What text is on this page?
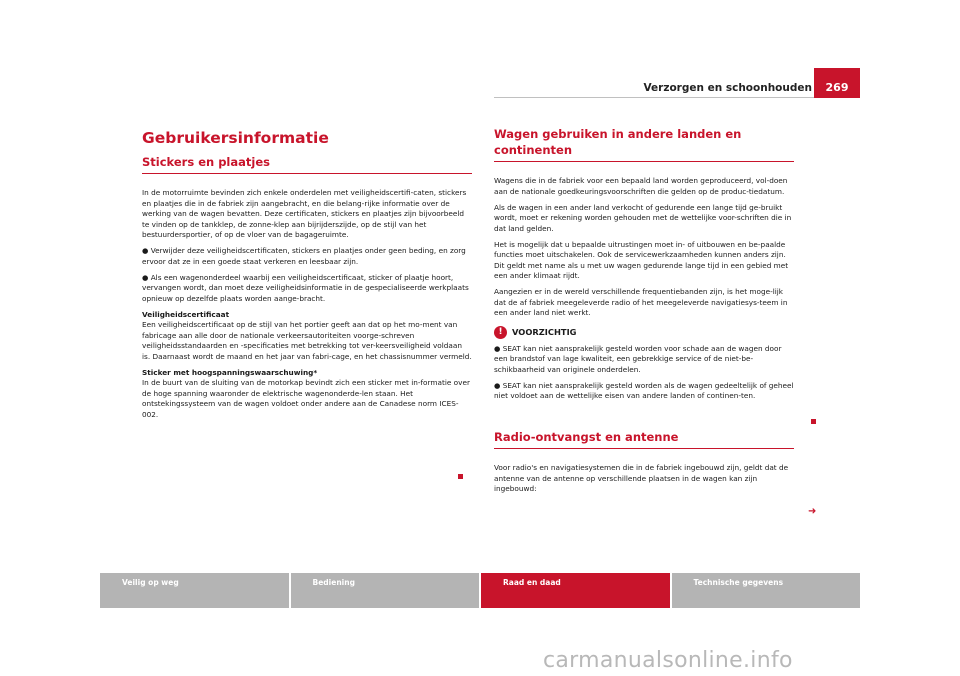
Verzorgen en schoonhouden 269
Gebruikersinformatie
Stickers en plaatjes

In de motorruimte bevinden zich enkele onderdelen met veiligheidscertifi-caten, stickers en plaatjes die in de fabriek zijn aangebracht, en die belang-rijke informatie over de werking van de wagen bevatten. Deze certificaten, stickers en plaatjes zijn bijvoorbeeld te vinden op de tankklep, de zonne-klep aan bijrijderszijde, op de stijl van het bestuurdersportier, of op de vloer van de bagageruimte.

● Verwijder deze veiligheidscertificaten, stickers en plaatjes onder geen beding, en zorg ervoor dat ze in een goede staat verkeren en leesbaar zijn.

● Als een wagenonderdeel waarbij een veiligheidscertificaat, sticker of plaatje hoort, vervangen wordt, dan moet deze veiligheidsinformatie in de gespecialiseerde werkplaats opnieuw op dezelfde plaats worden aange-bracht.

Veiligheidscertificaat

Een veiligheidscertificaat op de stijl van het portier geeft aan dat op het mo-ment van fabricage aan alle door de nationale verkeersautoriteiten voorge-schreven veiligheidsstandaarden en -specificaties met betrekking tot ver-keersveiligheid voldaan is. Daarnaast wordt de maand en het jaar van fabri-cage, en het chassisnummer vermeld.

Sticker met hoogspanningswaarschuwing*

In de buurt van de sluiting van de motorkap bevindt zich een sticker met in-formatie over de hoge spanning waaronder de elektrische wagenonderde-len staan. Het ontstekingssysteem van de wagen voldoet onder andere aan de Canadese norm ICES-002.

Wagen gebruiken in andere landen en continenten

Wagens die in de fabriek voor een bepaald land worden geproduceerd, vol-doen aan de nationale goedkeuringsvoorschriften die gelden op de produc-tiedatum.

Als de wagen in een ander land verkocht of gedurende een lange tijd ge-bruikt wordt, moet er rekening worden gehouden met de wettelijke voor-schriften die in dat land gelden.

Het is mogelijk dat u bepaalde uitrustingen moet in- of uitbouwen en be-paalde functies moet uitschakelen. Ook de servicewerkzaamheden kunnen anders zijn. Dit geldt met name als u met uw wagen gedurende lange tijd in een gebied met een ander klimaat rijdt.

Aangezien er in de wereld verschillende frequentiebanden zijn, is het moge-lijk dat de af fabriek meegeleverde radio of het meegeleverde navigatiesys-teem in een ander land niet werkt.

!	VOORZICHTIG

● SEAT kan niet aansprakelijk gesteld worden voor schade aan de wagen door een brandstof van lage kwaliteit, een gebrekkige service of de niet-be-schikbaarheid van originele onderdelen.

● SEAT kan niet aansprakelijk gesteld worden als de wagen gedeeltelijk of geheel niet voldoet aan de wettelijke eisen van andere landen of continen-ten.

Radio-ontvangst en antenne

Voor radio's en navigatiesystemen die in de fabriek ingebouwd zijn, geldt dat de antenne van de antenne op verschillende plaatsen in de wagen kan zijn ingebouwd:

➜
Veilig op weg	Bediening	Raad en daad	Technische gegevens
carmanualsonline.info
